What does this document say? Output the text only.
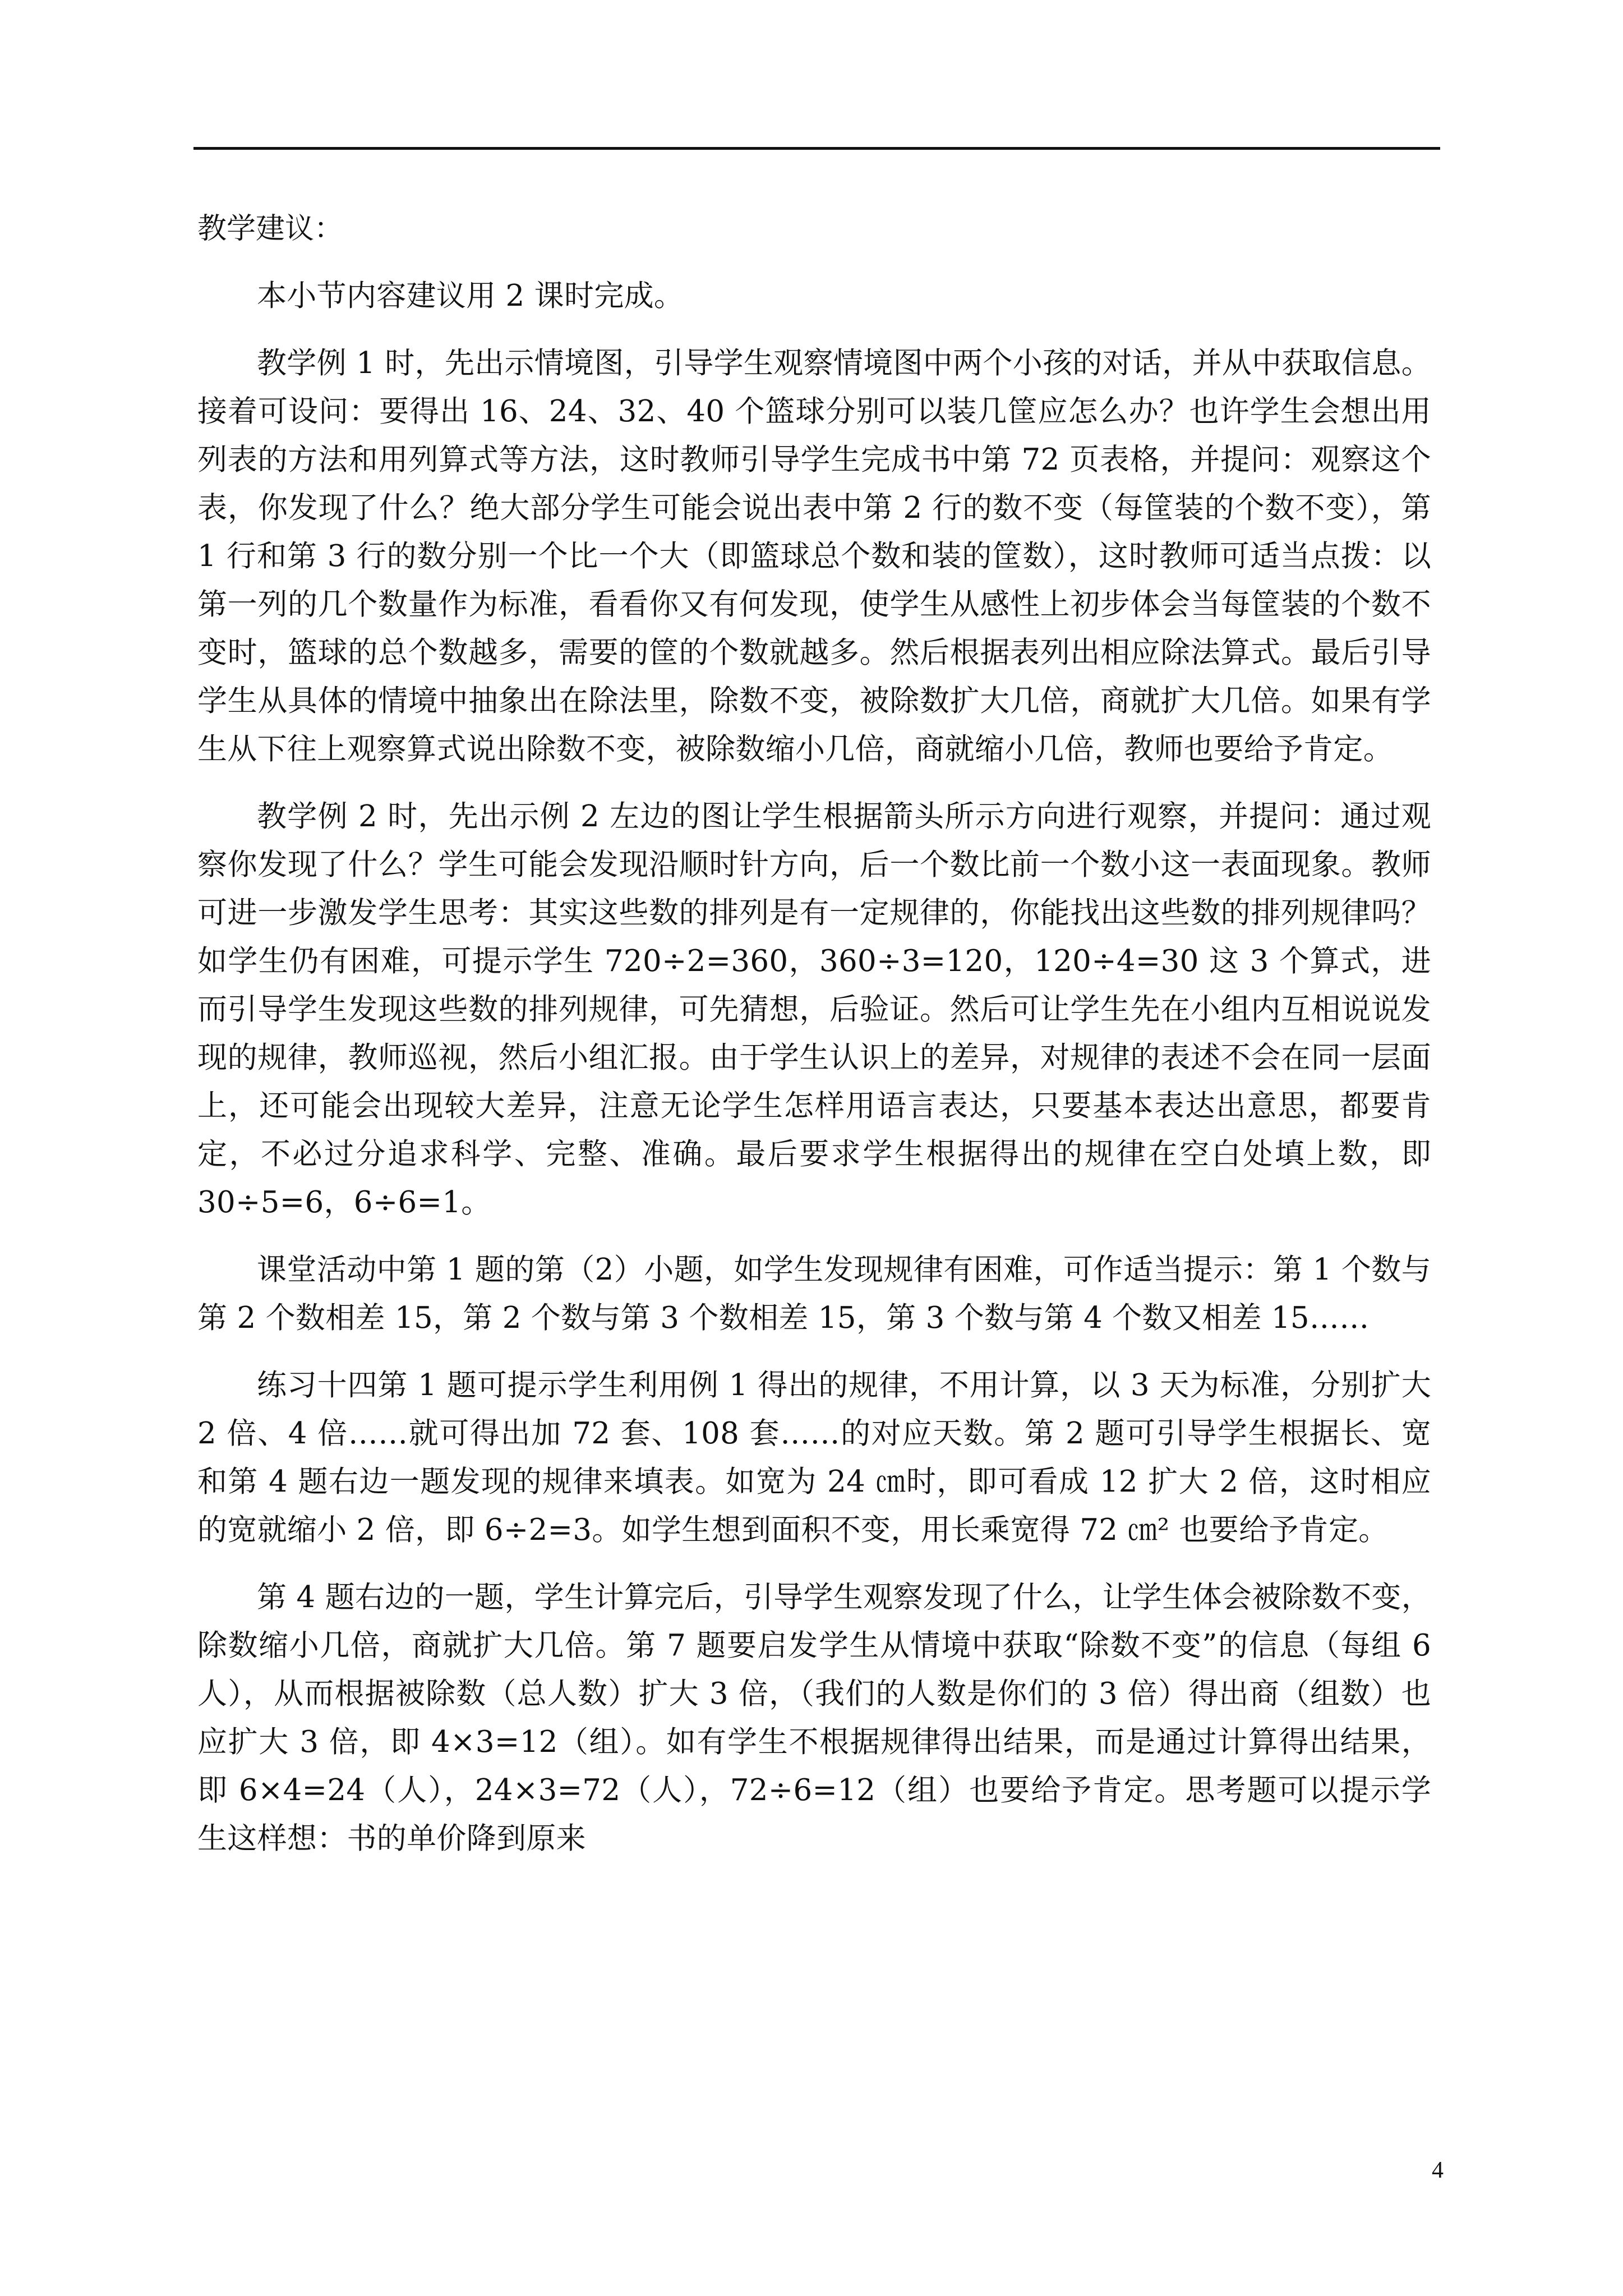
教学建议：

本小节内容建议用 2 课时完成。

教学例 1 时，先出示情境图，引导学生观察情境图中两个小孩的对话，并从中获取信息。接着可设问：要得出 16、24、32、40 个篮球分别可以装几筐应怎么办？也许学生会想出用列表的方法和用列算式等方法，这时教师引导学生完成书中第 72 页表格，并提问：观察这个表，你发现了什么？绝大部分学生可能会说出表中第 2 行的数不变（每筐装的个数不变），第 1 行和第 3 行的数分别一个比一个大（即篮球总个数和装的筐数），这时教师可适当点拨：以第一列的几个数量作为标准，看看你又有何发现，使学生从感性上初步体会当每筐装的个数不变时，篮球的总个数越多，需要的筐的个数就越多。然后根据表列出相应除法算式。最后引导学生从具体的情境中抽象出在除法里，除数不变，被除数扩大几倍，商就扩大几倍。如果有学生从下往上观察算式说出除数不变，被除数缩小几倍，商就缩小几倍，教师也要给予肯定。

教学例 2 时，先出示例 2 左边的图让学生根据箭头所示方向进行观察，并提问：通过观察你发现了什么？学生可能会发现沿顺时针方向，后一个数比前一个数小这一表面现象。教师可进一步激发学生思考：其实这些数的排列是有一定规律的，你能找出这些数的排列规律吗？如学生仍有困难，可提示学生 720÷2=360，360÷3=120，120÷4=30 这 3 个算式，进而引导学生发现这些数的排列规律，可先猜想，后验证。然后可让学生先在小组内互相说说发现的规律，教师巡视，然后小组汇报。由于学生认识上的差异，对规律的表述不会在同一层面上，还可能会出现较大差异，注意无论学生怎样用语言表达，只要基本表达出意思，都要肯定，不必过分追求科学、完整、准确。最后要求学生根据得出的规律在空白处填上数，即 30÷5=6，6÷6=1。

课堂活动中第 1 题的第（2）小题，如学生发现规律有困难，可作适当提示：第 1 个数与第 2 个数相差 15，第 2 个数与第 3 个数相差 15，第 3 个数与第 4 个数又相差 15……

练习十四第 1 题可提示学生利用例 1 得出的规律，不用计算，以 3 天为标准，分别扩大 2 倍、4 倍……就可得出加 72 套、108 套……的对应天数。第 2 题可引导学生根据长、宽和第 4 题右边一题发现的规律来填表。如宽为 24 ㎝时，即可看成 12 扩大 2 倍，这时相应的宽就缩小 2 倍，即 6÷2=3。如学生想到面积不变，用长乘宽得 72 ㎝² 也要给予肯定。

第 4 题右边的一题，学生计算完后，引导学生观察发现了什么，让学生体会被除数不变，除数缩小几倍，商就扩大几倍。第 7 题要启发学生从情境中获取“除数不变”的信息（每组 6 人），从而根据被除数（总人数）扩大 3 倍，（我们的人数是你们的 3 倍）得出商（组数）也应扩大 3 倍，即 4×3=12（组）。如有学生不根据规律得出结果，而是通过计算得出结果，即 6×4=24（人），24×3=72（人），72÷6=12（组）也要给予肯定。思考题可以提示学生这样想：书的单价降到原来

4
